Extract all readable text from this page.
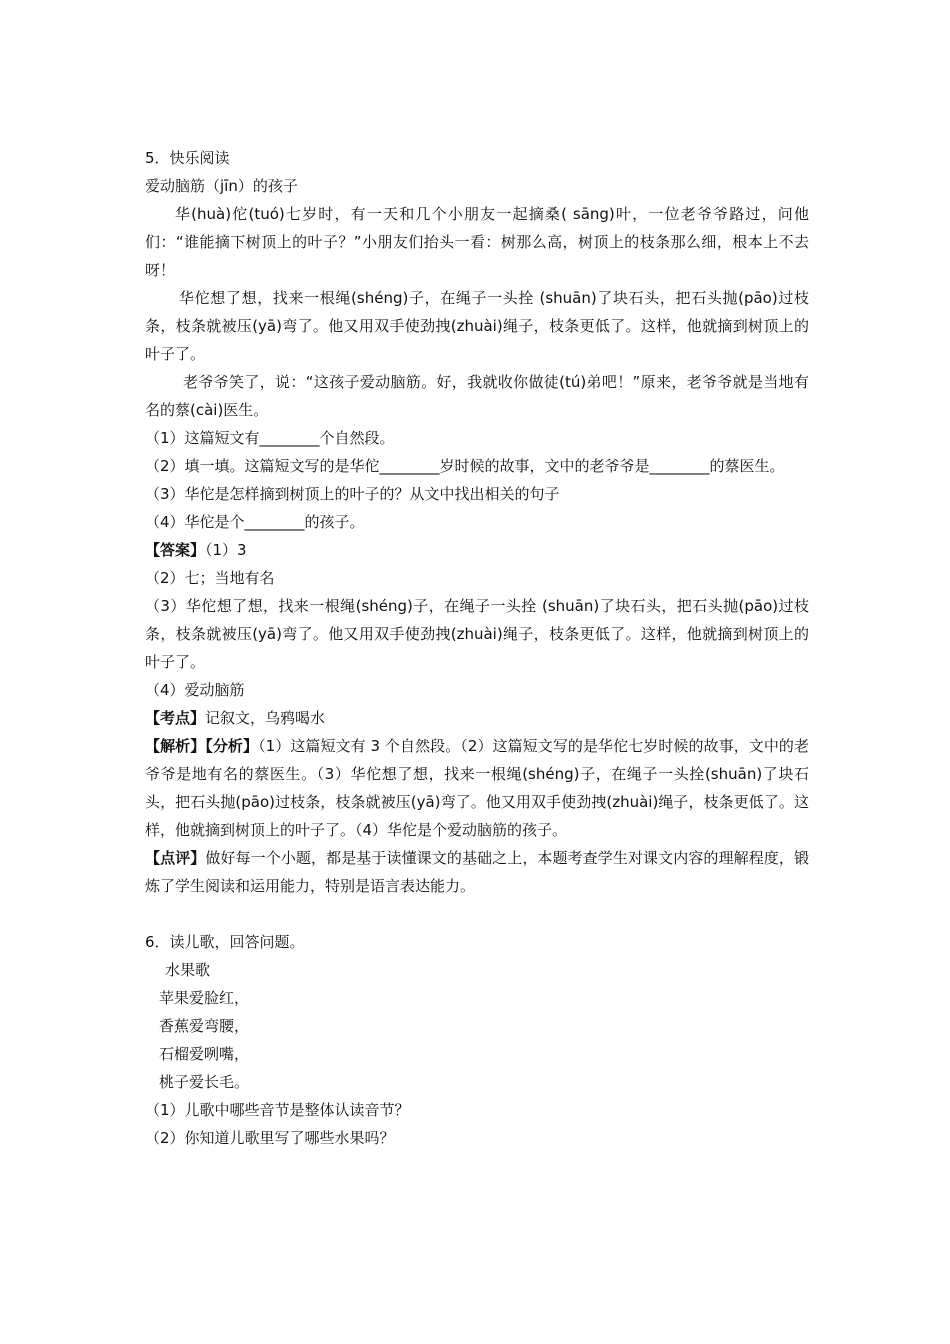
5．快乐阅读
爱动脑筋（jīn）的孩子
华(huà)佗(tuó)七岁时，有一天和几个小朋友一起摘桑( sāng)叶，一位老爷爷路过，问他们：“谁能摘下树顶上的叶子？”小朋友们抬头一看：树那么高，树顶上的枝条那么细，根本上不去呀！
华佗想了想，找来一根绳(shéng)子，在绳子一头拴 (shuān)了块石头，把石头抛(pāo)过枝条，枝条就被压(yā)弯了。他又用双手使劲拽(zhuài)绳子，枝条更低了。这样，他就摘到树顶上的叶子了。
老爷爷笑了，说：“这孩子爱动脑筋。好，我就收你做徒(tú)弟吧！”原来，老爷爷就是当地有名的蔡(cài)医生。
（1）这篇短文有________个自然段。
（2）填一填。这篇短文写的是华佗________岁时候的故事，文中的老爷爷是________的蔡医生。
（3）华佗是怎样摘到树顶上的叶子的？从文中找出相关的句子
（4）华佗是个________的孩子。
【答案】（1）3
（2）七；当地有名
（3）华佗想了想，找来一根绳(shéng)子，在绳子一头拴 (shuān)了块石头，把石头抛(pāo)过枝条，枝条就被压(yā)弯了。他又用双手使劲拽(zhuài)绳子，枝条更低了。这样，他就摘到树顶上的叶子了。
（4）爱动脑筋
【考点】记叙文，乌鸦喝水
【解析】【分析】（1）这篇短文有 3 个自然段。（2）这篇短文写的是华佗七岁时候的故事，文中的老爷爷是地有名的蔡医生。（3）华佗想了想，找来一根绳(shéng)子，在绳子一头拴(shuān)了块石头，把石头抛(pāo)过枝条，枝条就被压(yā)弯了。他又用双手使劲拽(zhuài)绳子，枝条更低了。这样，他就摘到树顶上的叶子了。（4）华佗是个爱动脑筋的孩子。
【点评】做好每一个小题，都是基于读懂课文的基础之上，本题考查学生对课文内容的理解程度，锻炼了学生阅读和运用能力，特别是语言表达能力。
6．读儿歌，回答问题。
水果歌
苹果爱脸红，
香蕉爱弯腰，
石榴爱咧嘴，
桃子爱长毛。
（1）儿歌中哪些音节是整体认读音节？
（2）你知道儿歌里写了哪些水果吗？
